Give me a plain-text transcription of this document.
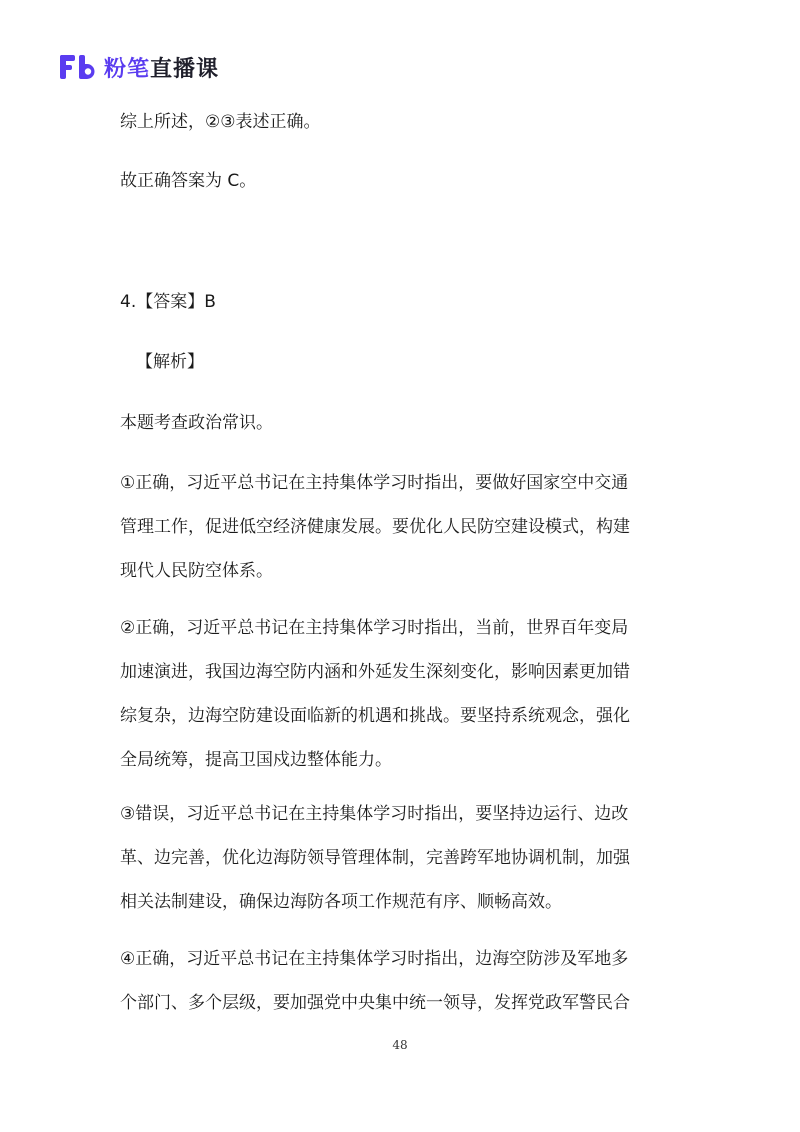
粉笔直播课

综上所述，②③表述正确。

故正确答案为 C。

4.【答案】B

【解析】

本题考查政治常识。

①正确，习近平总书记在主持集体学习时指出，要做好国家空中交通
管理工作，促进低空经济健康发展。要优化人民防空建设模式，构建
现代人民防空体系。

②正确，习近平总书记在主持集体学习时指出，当前，世界百年变局
加速演进，我国边海空防内涵和外延发生深刻变化，影响因素更加错
综复杂，边海空防建设面临新的机遇和挑战。要坚持系统观念，强化
全局统筹，提高卫国戍边整体能力。

③错误，习近平总书记在主持集体学习时指出，要坚持边运行、边改
革、边完善，优化边海防领导管理体制，完善跨军地协调机制，加强
相关法制建设，确保边海防各项工作规范有序、顺畅高效。

④正确，习近平总书记在主持集体学习时指出，边海空防涉及军地多
个部门、多个层级，要加强党中央集中统一领导，发挥党政军警民合

48
